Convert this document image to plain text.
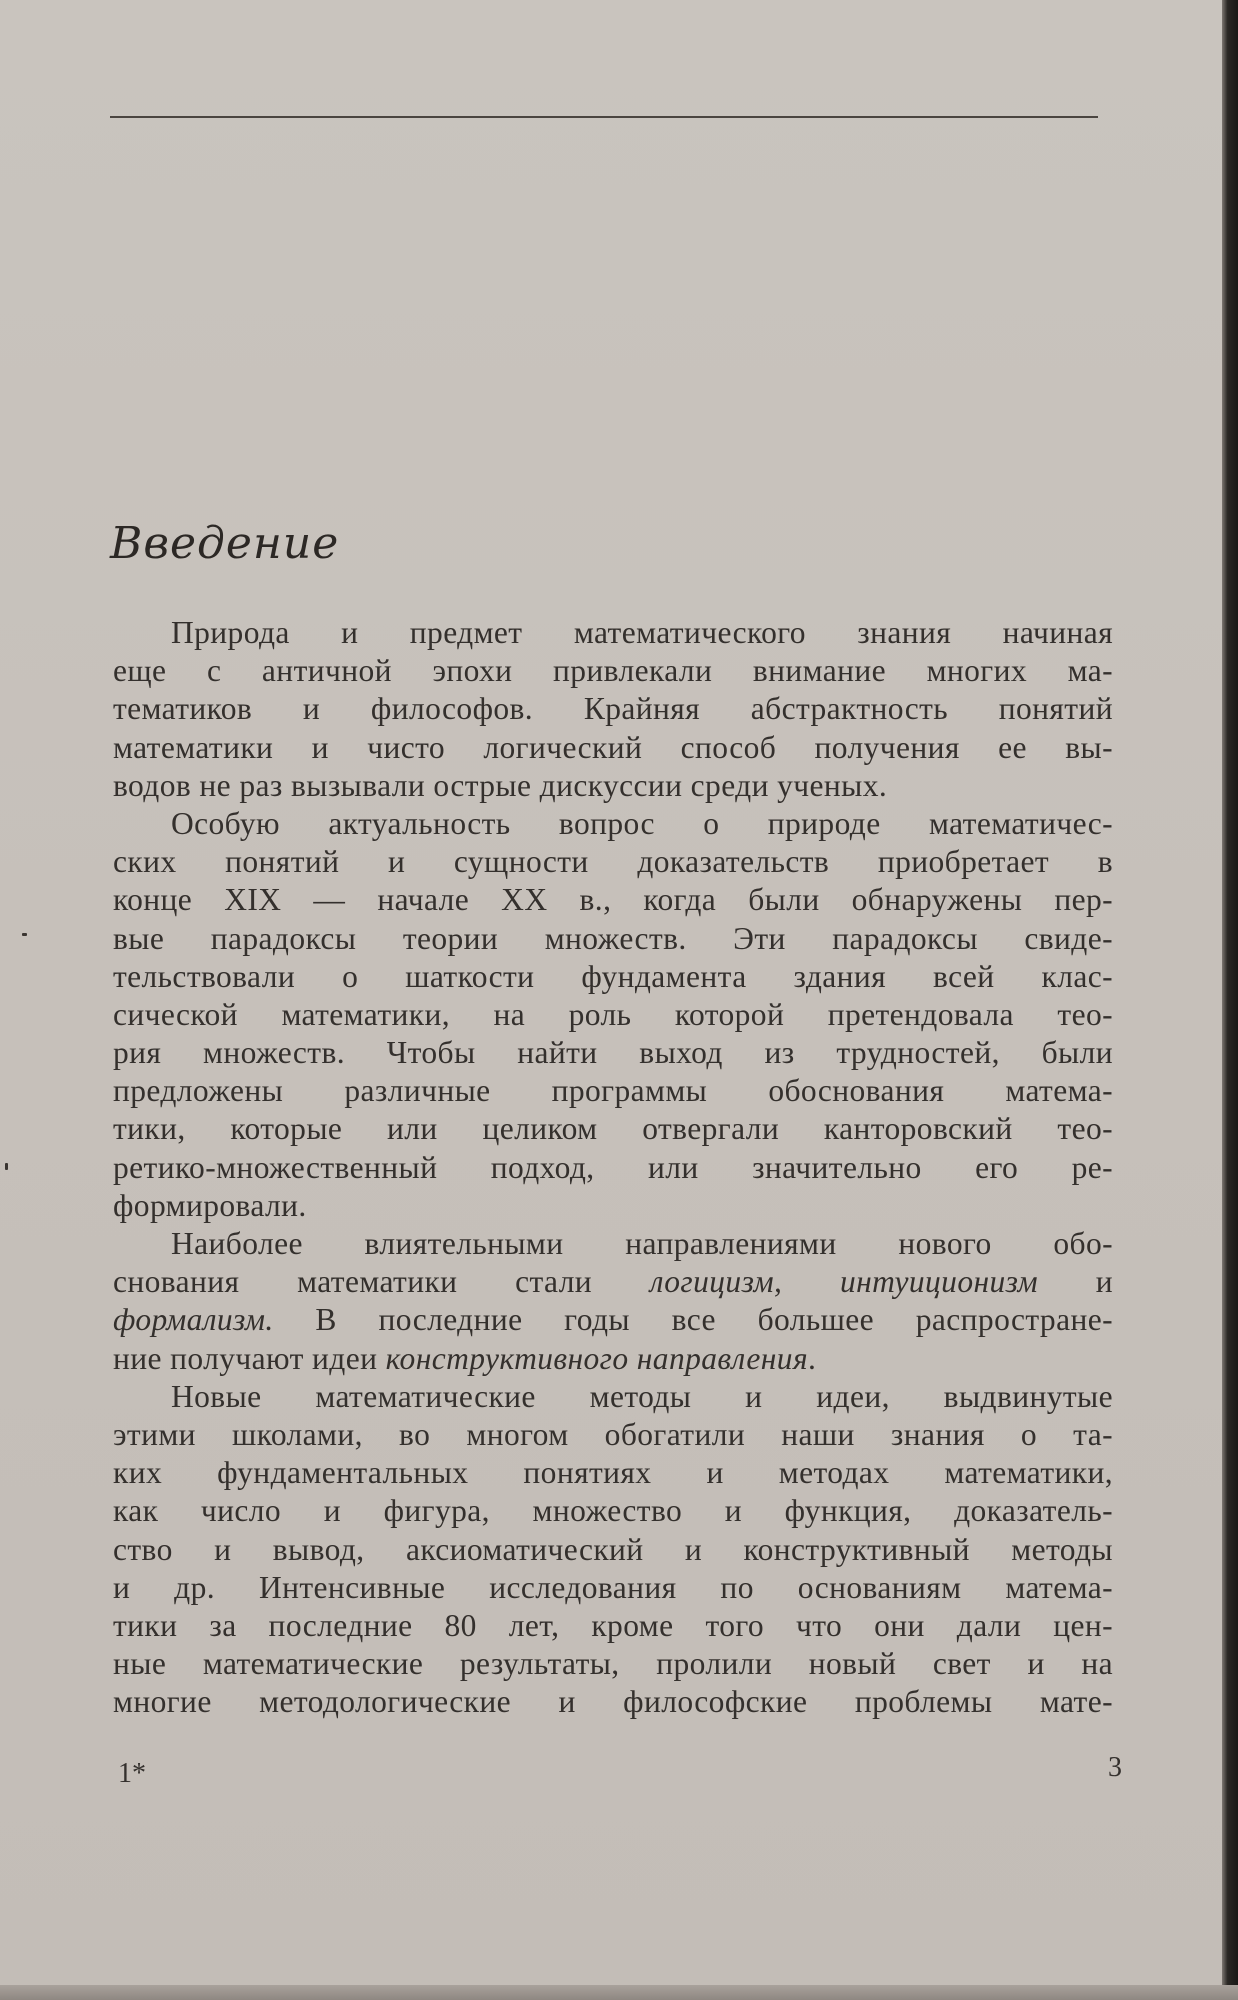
Введение
Природа и предмет математического знания начиная
еще с античной эпохи привлекали внимание многих ма-
тематиков и философов. Крайняя абстрактность понятий
математики и чисто логический способ получения ее вы-
водов не раз вызывали острые дискуссии среди ученых.
Особую актуальность вопрос о природе математичес-
ских понятий и сущности доказательств приобретает в
конце XIX — начале XX в., когда были обнаружены пер-
вые парадоксы теории множеств. Эти парадоксы свиде-
тельствовали о шаткости фундамента здания всей клас-
сической математики, на роль которой претендовала тео-
рия множеств. Чтобы найти выход из трудностей, были
предложены различные программы обоснования матема-
тики, которые или целиком отвергали канторовский тео-
ретико-множественный подход, или значительно его ре-
формировали.
Наиболее влиятельными направлениями нового обо-
снования математики стали логицизм, интуиционизм и
формализм. В последние годы все большее распростране-
ние получают идеи конструктивного направления.
Новые математические методы и идеи, выдвинутые
этими школами, во многом обогатили наши знания о та-
ких фундаментальных понятиях и методах математики,
как число и фигура, множество и функция, доказатель-
ство и вывод, аксиоматический и конструктивный методы
и др. Интенсивные исследования по основаниям матема-
тики за последние 80 лет, кроме того что они дали цен-
ные математические результаты, пролили новый свет и на
многие методологические и философские проблемы мате-
1*	3
